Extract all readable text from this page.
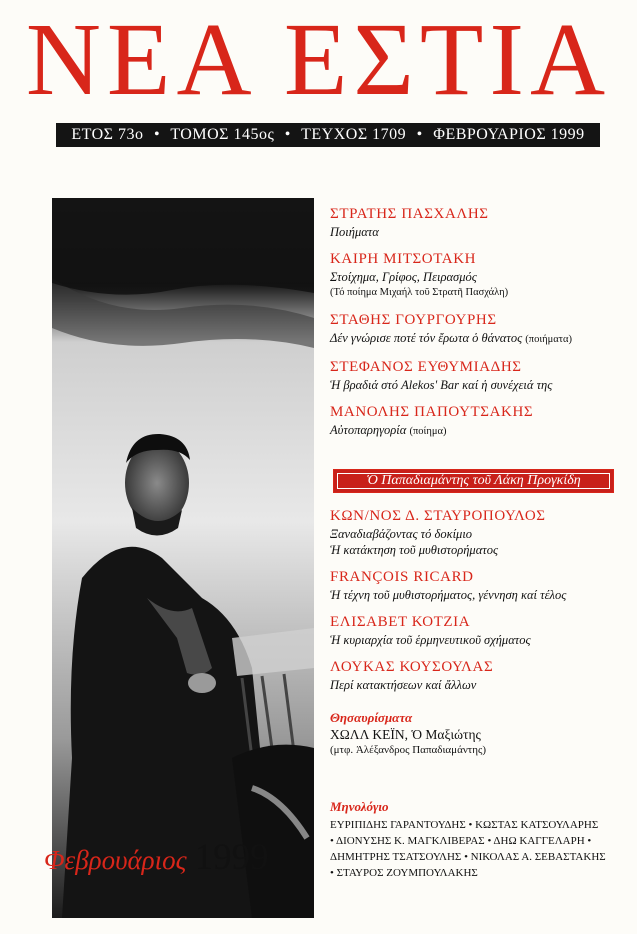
ΝΕΑ ΕΣΤΙΑ
ΕΤΟΣ 73ο • ΤΟΜΟΣ 145ος • ΤΕΥΧΟΣ 1709 • ΦΕΒΡΟΥΑΡΙΟΣ 1999
Φεβρουάριος 1999
ΣΤΡΑΤΗΣ ΠΑΣΧΑΛΗΣ
Ποιήματα
ΚΑΙΡΗ ΜΙΤΣΟΤΑΚΗ
Στοίχημα, Γρίφος, Πειρασμός
(Τό ποίημα Μιχαήλ τοῦ Στρατῆ Πασχάλη)
ΣΤΑΘΗΣ ΓΟΥΡΓΟΥΡΗΣ
Δέν γνώρισε ποτέ τόν ἔρωτα ὁ θάνατος (ποιήματα)
ΣΤΕΦΑΝΟΣ ΕΥΘΥΜΙΑΔΗΣ
Ἡ βραδιά στό Alekos' Bar καί ἡ συνέχειά της
ΜΑΝΟΛΗΣ ΠΑΠΟΥΤΣΑΚΗΣ
Αὐτοπαρηγορία (ποίημα)
Ὁ Παπαδιαμάντης τοῦ Λάκη Προγκίδη
ΚΩΝ/ΝΟΣ Δ. ΣΤΑΥΡΟΠΟΥΛΟΣ
Ξαναδιαβάζοντας τό δοκίμιο
Ἡ κατάκτηση τοῦ μυθιστορήματος
FRANÇOIS RICARD
Ἡ τέχνη τοῦ μυθιστορήματος, γέννηση καί τέλος
ΕΛΙΣΑΒΕΤ ΚΟΤΖΙΑ
Ἡ κυριαρχία τοῦ ἑρμηνευτικοῦ σχήματος
ΛΟΥΚΑΣ ΚΟΥΣΟΥΛΑΣ
Περί κατακτήσεων καί ἄλλων
Θησαυρίσματα
ΧΩΛΛ ΚΕΪΝ, Ὁ Μαξιώτης
(μτφ. Ἀλέξανδρος Παπαδιαμάντης)
Μηνολόγιο
ΕΥΡΙΠΙΔΗΣ ΓΑΡΑΝΤΟΥΔΗΣ • ΚΩΣΤΑΣ ΚΑΤΣΟΥΛΑΡΗΣ
• ΔΙΟΝΥΣΗΣ Κ. ΜΑΓΚΛΙΒΕΡΑΣ • ΔΗΩ ΚΑΓΓΕΛΑΡΗ •
ΔΗΜΗΤΡΗΣ ΤΣΑΤΣΟΥΛΗΣ • ΝΙΚΟΛΑΣ Α. ΣΕΒΑΣΤΑΚΗΣ
• ΣΤΑΥΡΟΣ ΖΟΥΜΠΟΥΛΑΚΗΣ
